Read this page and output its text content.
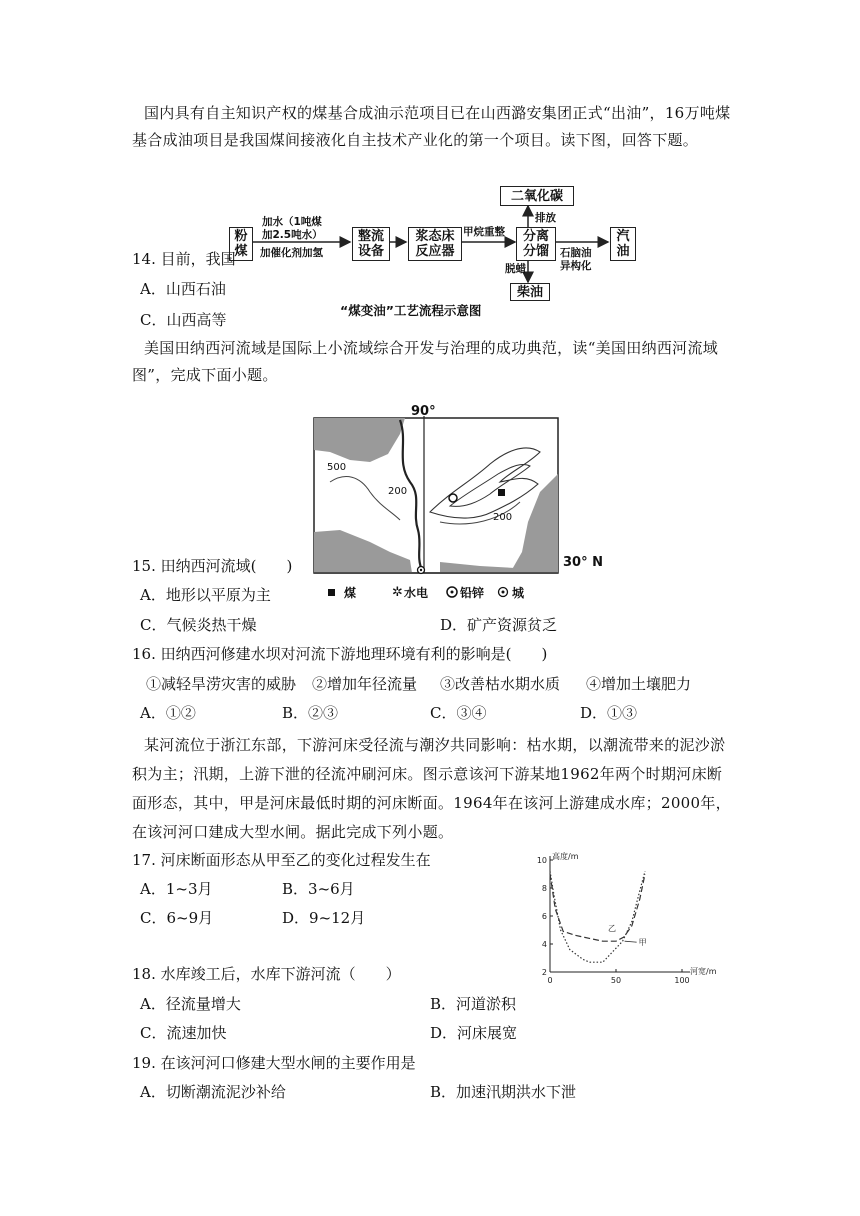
国内具有自主知识产权的煤基合成油示范项目已在山西潞安集团正式“出油”，16万吨煤基合成油项目是我国煤间接液化自主技术产业化的第一个项目。读下图，回答下题。
粉
煤
整流
设备
浆态床
反应器
分离
分馏
二氧化碳
汽
油
柴油
加水（1吨煤
加2.5吨水）
加催化剂加氢
甲烷重整
排放
石脑油
异构化
脱蜡
“煤变油”工艺流程示意图
14. 目前，我国
A．山西石油
C．山西高等
美国田纳西河流域是国际上小流域综合开发与治理的成功典范，读“美国田纳西河流域图”，完成下面小题。
✲
90°
30° N
500
200
200
煤	水电	铅锌 城
15. 田纳西河流域(　　)
A．地形以平原为主
C．气候炎热干燥	D．矿产资源贫乏
16. 田纳西河修建水坝对河流下游地理环境有利的影响是(　　)
①减轻旱涝灾害的威胁 ②增加年径流量 ③改善枯水期水质 ④增加土壤肥力
A．①②	B．②③	C．③④	D．①③
某河流位于浙江东部，下游河床受径流与潮汐共同影响：枯水期，以潮流带来的泥沙淤积为主；汛期，上游下泄的径流冲刷河床。图示意该河下游某地1962年两个时期河床断面形态，其中，甲是河床最低时期的河床断面。1964年在该河上游建成水库；2000年，在该河河口建成大型水闸。据此完成下列小题。
17. 河床断面形态从甲至乙的变化过程发生在
A．1~3月	B．3~6月
C．6~9月	D．9~12月
高度/m
河宽/m
2
4
6
8
10
0	50	100
甲
乙
18. 水库竣工后，水库下游河流（　　）
A．径流量增大	B．河道淤积
C．流速加快	D．河床展宽
19. 在该河河口修建大型水闸的主要作用是
A．切断潮流泥沙补给	B．加速汛期洪水下泄
